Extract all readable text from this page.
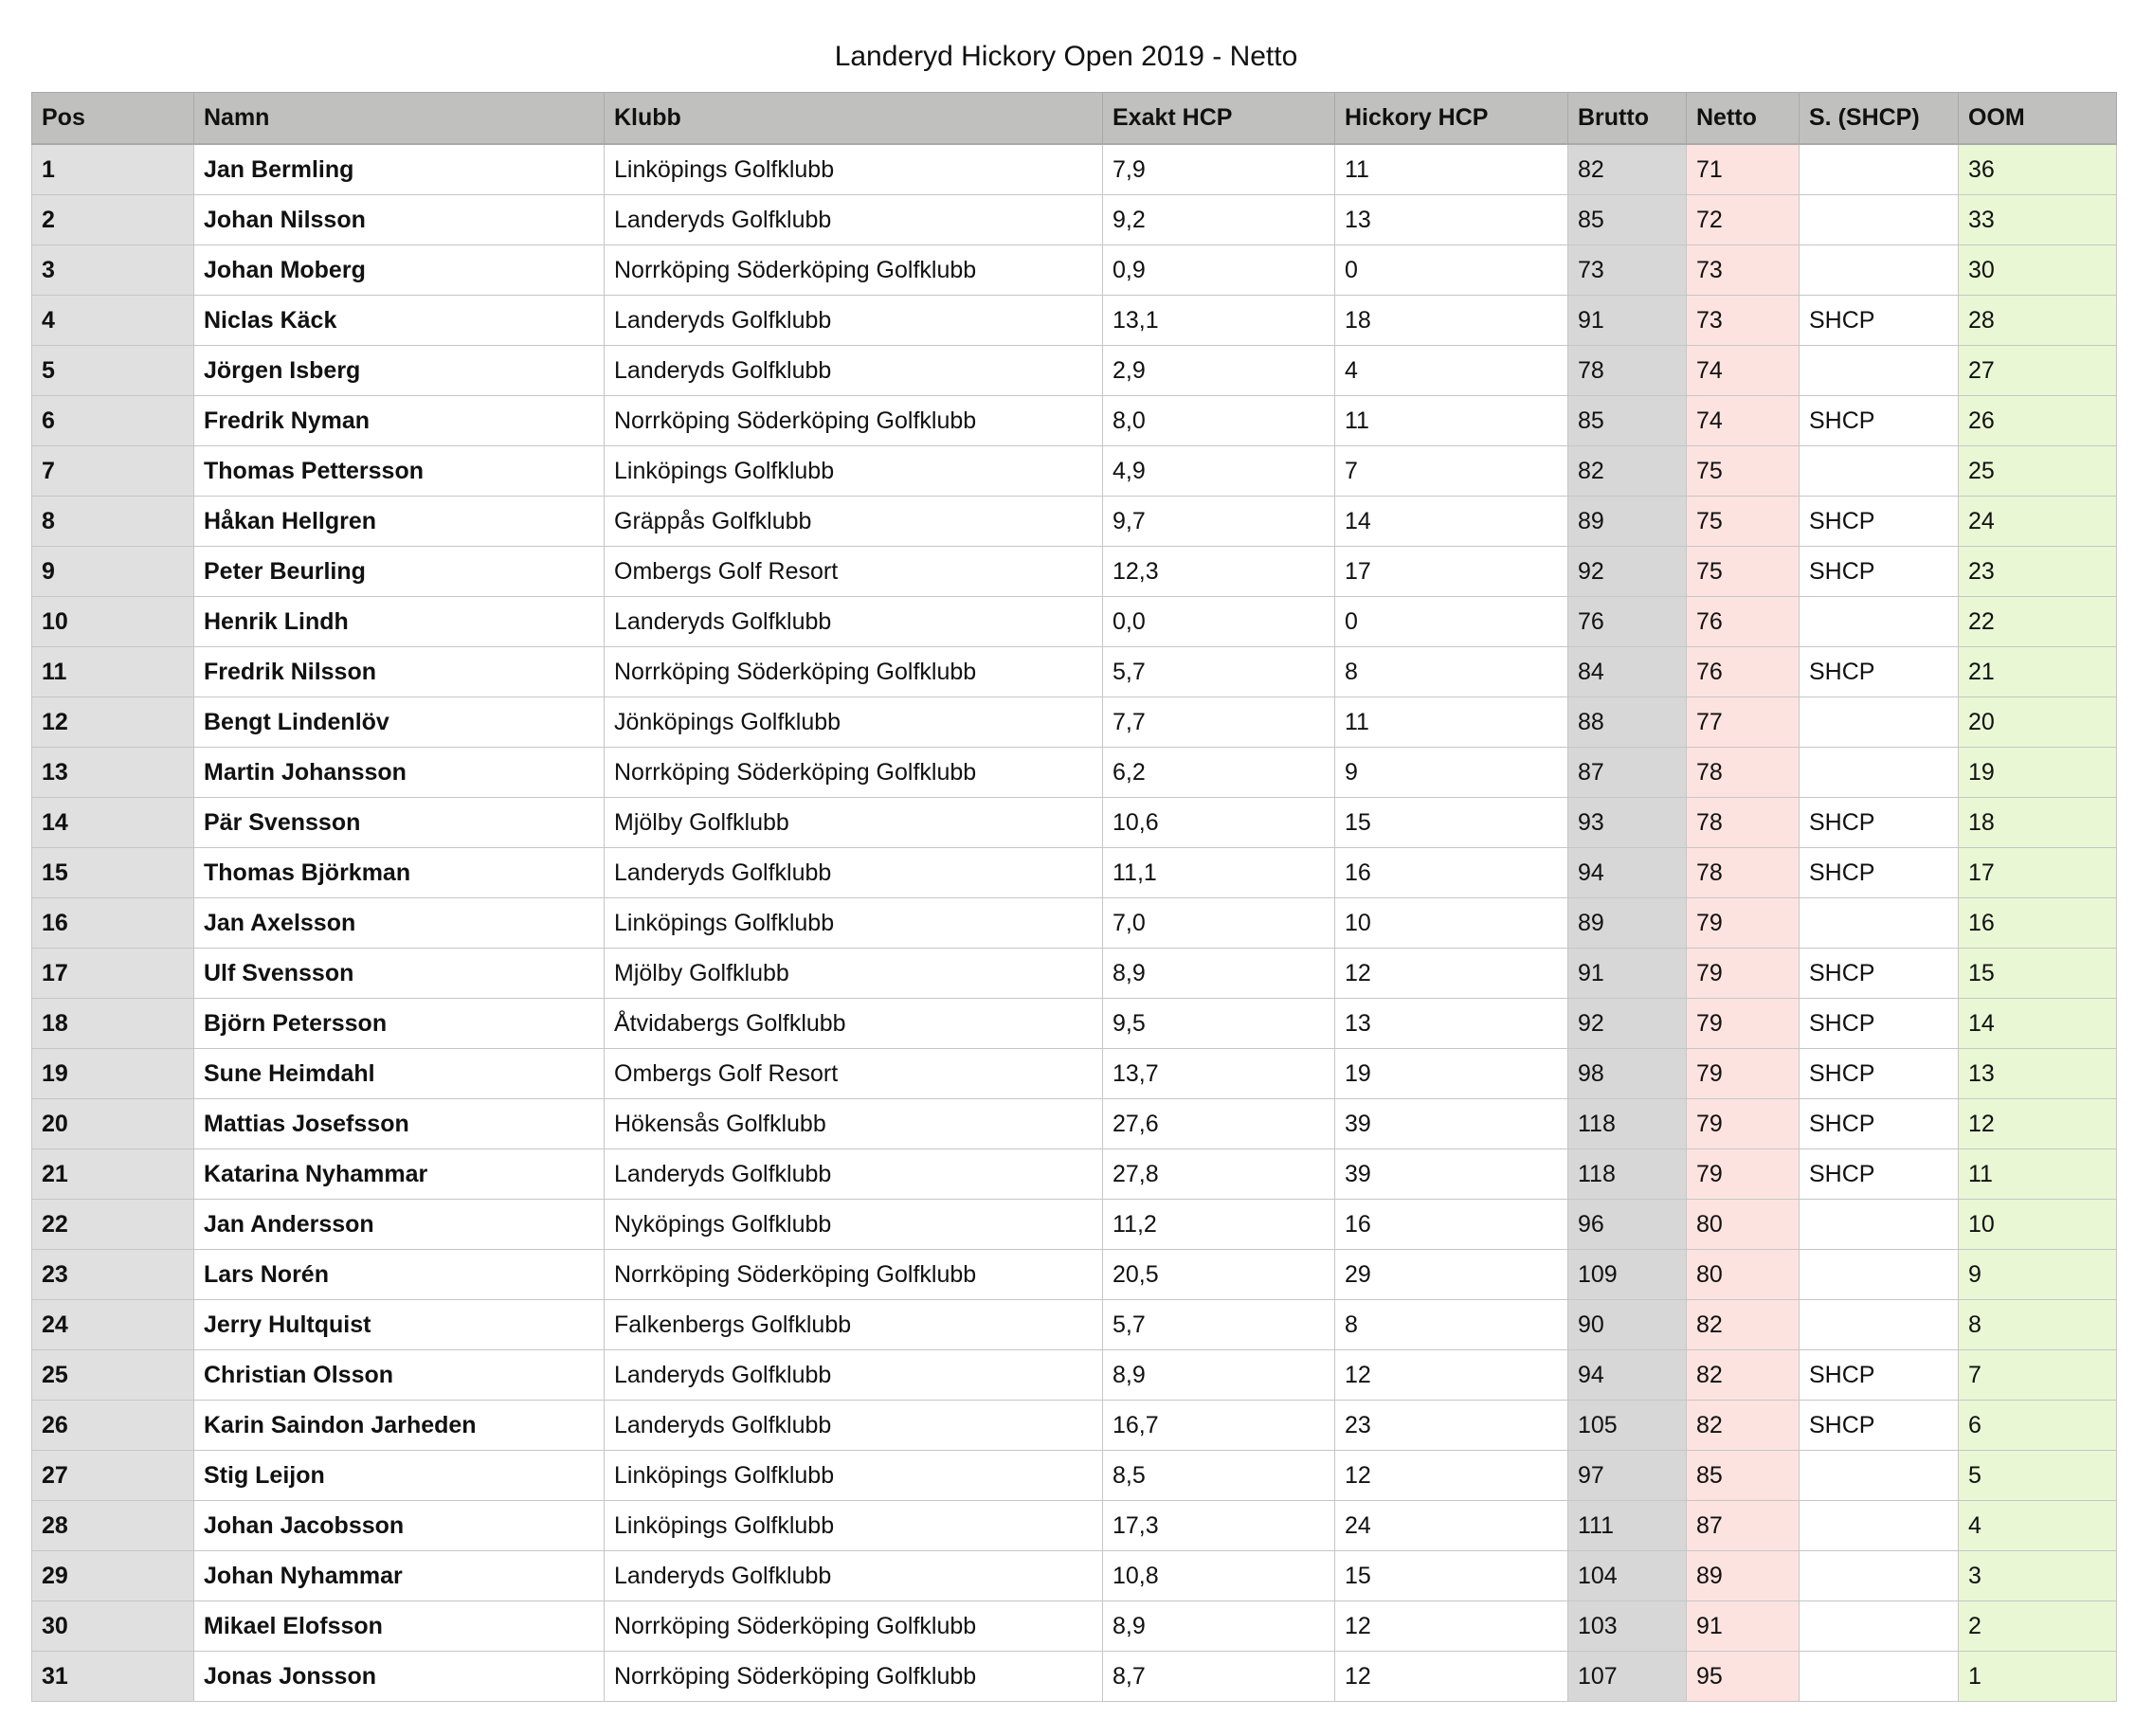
Landeryd Hickory Open 2019 - Netto
Pos	Namn	Klubb	Exakt HCP	Hickory HCP	Brutto	Netto	S. (SHCP)	OOM
1	Jan Bermling	Linköpings Golfklubb	7,9	11	82	71		36
2	Johan Nilsson	Landeryds Golfklubb	9,2	13	85	72		33
3	Johan Moberg	Norrköping Söderköping Golfklubb	0,9	0	73	73		30
4	Niclas Käck	Landeryds Golfklubb	13,1	18	91	73	SHCP	28
5	Jörgen Isberg	Landeryds Golfklubb	2,9	4	78	74		27
6	Fredrik Nyman	Norrköping Söderköping Golfklubb	8,0	11	85	74	SHCP	26
7	Thomas Pettersson	Linköpings Golfklubb	4,9	7	82	75		25
8	Håkan Hellgren	Gräppås Golfklubb	9,7	14	89	75	SHCP	24
9	Peter Beurling	Ombergs Golf Resort	12,3	17	92	75	SHCP	23
10	Henrik Lindh	Landeryds Golfklubb	0,0	0	76	76		22
11	Fredrik Nilsson	Norrköping Söderköping Golfklubb	5,7	8	84	76	SHCP	21
12	Bengt Lindenlöv	Jönköpings Golfklubb	7,7	11	88	77		20
13	Martin Johansson	Norrköping Söderköping Golfklubb	6,2	9	87	78		19
14	Pär Svensson	Mjölby Golfklubb	10,6	15	93	78	SHCP	18
15	Thomas Björkman	Landeryds Golfklubb	11,1	16	94	78	SHCP	17
16	Jan Axelsson	Linköpings Golfklubb	7,0	10	89	79		16
17	Ulf Svensson	Mjölby Golfklubb	8,9	12	91	79	SHCP	15
18	Björn Petersson	Åtvidabergs Golfklubb	9,5	13	92	79	SHCP	14
19	Sune Heimdahl	Ombergs Golf Resort	13,7	19	98	79	SHCP	13
20	Mattias Josefsson	Hökensås Golfklubb	27,6	39	118	79	SHCP	12
21	Katarina Nyhammar	Landeryds Golfklubb	27,8	39	118	79	SHCP	11
22	Jan Andersson	Nyköpings Golfklubb	11,2	16	96	80		10
23	Lars Norén	Norrköping Söderköping Golfklubb	20,5	29	109	80		9
24	Jerry Hultquist	Falkenbergs Golfklubb	5,7	8	90	82		8
25	Christian Olsson	Landeryds Golfklubb	8,9	12	94	82	SHCP	7
26	Karin Saindon Jarheden	Landeryds Golfklubb	16,7	23	105	82	SHCP	6
27	Stig Leijon	Linköpings Golfklubb	8,5	12	97	85		5
28	Johan Jacobsson	Linköpings Golfklubb	17,3	24	111	87		4
29	Johan Nyhammar	Landeryds Golfklubb	10,8	15	104	89		3
30	Mikael Elofsson	Norrköping Söderköping Golfklubb	8,9	12	103	91		2
31	Jonas Jonsson	Norrköping Söderköping Golfklubb	8,7	12	107	95		1
